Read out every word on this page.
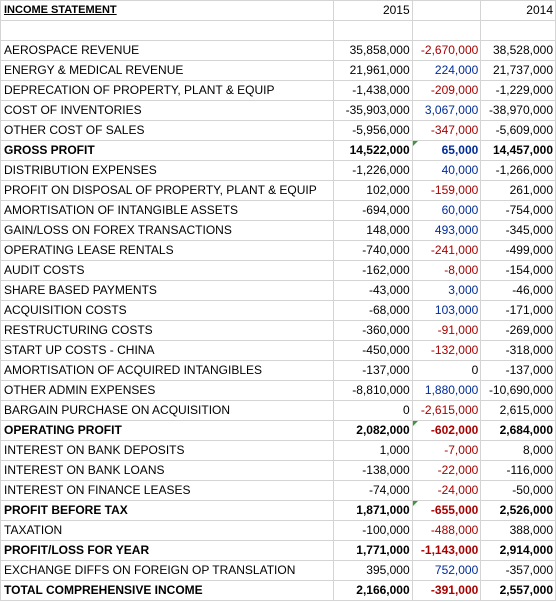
INCOME STATEMENT	2015		2014

AEROSPACE REVENUE	35,858,000	-2,670,000	38,528,000
ENERGY & MEDICAL REVENUE	21,961,000	224,000	21,737,000
DEPRECATION OF PROPERTY, PLANT & EQUIP	-1,438,000	-209,000	-1,229,000
COST OF INVENTORIES	-35,903,000	3,067,000	-38,970,000
OTHER COST OF SALES	-5,956,000	-347,000	-5,609,000
GROSS PROFIT	14,522,000	65,000	14,457,000
DISTRIBUTION EXPENSES	-1,226,000	40,000	-1,266,000
PROFIT ON DISPOSAL OF PROPERTY, PLANT & EQUIP	102,000	-159,000	261,000
AMORTISATION OF INTANGIBLE ASSETS	-694,000	60,000	-754,000
GAIN/LOSS ON FOREX TRANSACTIONS	148,000	493,000	-345,000
OPERATING LEASE RENTALS	-740,000	-241,000	-499,000
AUDIT COSTS	-162,000	-8,000	-154,000
SHARE BASED PAYMENTS	-43,000	3,000	-46,000
ACQUISITION COSTS	-68,000	103,000	-171,000
RESTRUCTURING COSTS	-360,000	-91,000	-269,000
START UP COSTS - CHINA	-450,000	-132,000	-318,000
AMORTISATION OF ACQUIRED INTANGIBLES	-137,000	0	-137,000
OTHER ADMIN EXPENSES	-8,810,000	1,880,000	-10,690,000
BARGAIN PURCHASE ON ACQUISITION	0	-2,615,000	2,615,000
OPERATING PROFIT	2,082,000	-602,000	2,684,000
INTEREST ON BANK DEPOSITS	1,000	-7,000	8,000
INTEREST ON BANK LOANS	-138,000	-22,000	-116,000
INTEREST ON FINANCE LEASES	-74,000	-24,000	-50,000
PROFIT BEFORE TAX	1,871,000	-655,000	2,526,000
TAXATION	-100,000	-488,000	388,000
PROFIT/LOSS FOR YEAR	1,771,000	-1,143,000	2,914,000
EXCHANGE DIFFS ON FOREIGN OP TRANSLATION	395,000	752,000	-357,000
TOTAL COMPREHENSIVE INCOME	2,166,000	-391,000	2,557,000
